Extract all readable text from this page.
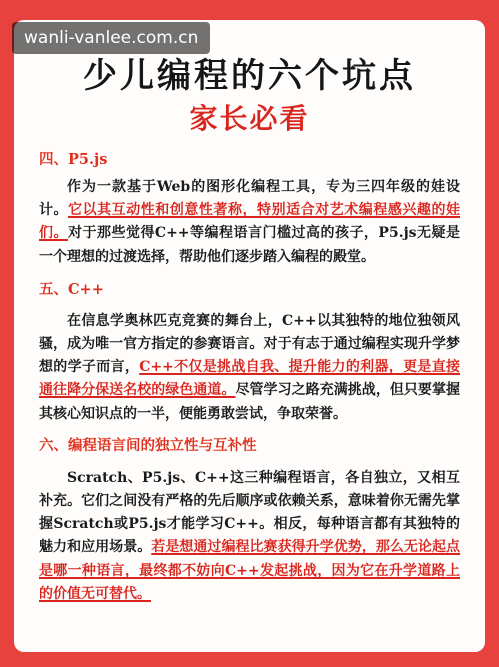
wanli-vanlee.com.cn
少儿编程的六个坑点
家长必看
四、P5.js

作为一款基于Web的图形化编程工具，专为三四年级的娃设计。它以其互动性和创意性著称，特别适合对艺术编程感兴趣的娃们。对于那些觉得C++等编程语言门槛过高的孩子，P5.js无疑是一个理想的过渡选择，帮助他们逐步踏入编程的殿堂。

五、C++

在信息学奥林匹克竞赛的舞台上，C++以其独特的地位独领风骚，成为唯一官方指定的参赛语言。对于有志于通过编程实现升学梦想的学子而言，C++不仅是挑战自我、提升能力的利器，更是直接通往降分保送名校的绿色通道。尽管学习之路充满挑战，但只要掌握其核心知识点的一半，便能勇敢尝试，争取荣誉。

六、编程语言间的独立性与互补性

Scratch、P5.js、C++这三种编程语言，各自独立，又相互补充。它们之间没有严格的先后顺序或依赖关系，意味着你无需先掌握Scratch或P5.js才能学习C++。相反，每种语言都有其独特的魅力和应用场景。若是想通过编程比赛获得升学优势，那么无论起点是哪一种语言，最终都不妨向C++发起挑战，因为它在升学道路上的价值无可替代。
